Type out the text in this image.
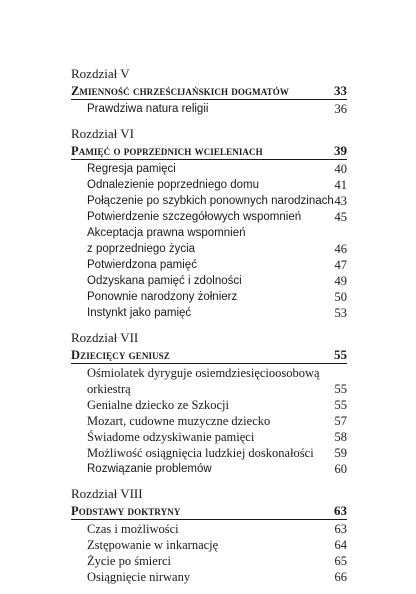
Rozdział V
Zmienność chrześcijańskich dogmatów	33
Prawdziwa natura religii	36
Rozdział VI
Pamięć o poprzednich wcieleniach	39
Regresja pamięci	40
Odnalezienie poprzedniego domu	41
Połączenie po szybkich ponownych narodzinach 43
Potwierdzenie szczegółowych wspomnień	45
Akceptacja prawna wspomnień
z poprzedniego życia	46
Potwierdzona pamięć	47
Odzyskana pamięć i zdolności	49
Ponownie narodzony żołnierz	50
Instynkt jako pamięć	53
Rozdział VII
Dziecięcy geniusz	55
Ośmiolatek dyryguje osiemdziesięcioosobową
orkiestrą	55
Genialne dziecko ze Szkocji	55
Mozart, cudowne muzyczne dziecko	57
Świadome odzyskiwanie pamięci	58
Możliwość osiągnięcia ludzkiej doskonałości 59
Rozwiązanie problemów	60
Rozdział VIII
Podstawy doktryny	63
Czas i możliwości	63
Zstępowanie w inkarnację	64
Życie po śmierci	65
Osiągnięcie nirwany	66
